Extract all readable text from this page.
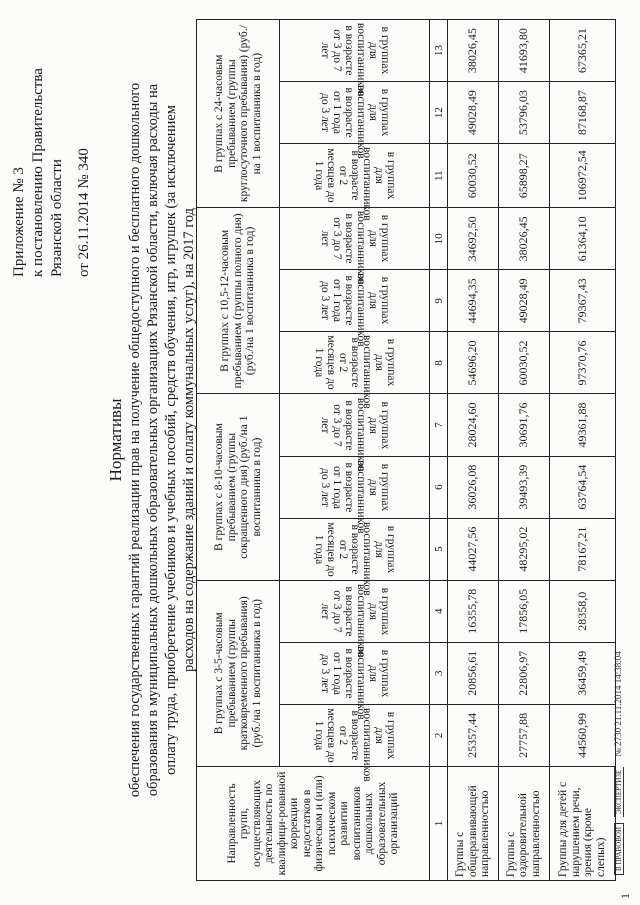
Приложение № 3 к постановлению Правительства Рязанской области от 26.11.2014 № 340
Нормативы обеспечения государственных гарантий реализации прав на получение общедоступного и бесплатного дошкольного образования в муниципальных дошкольных образовательных организациях Рязанской области, включая расходы на оплату труда, приобретение учебников и учебных пособий, средств обучения, игр, игрушек (за исключением расходов на содержание зданий и оплату коммунальных услуг), на 2017 год
Направленность групп, осуществляющих деятельность по квалифици-рованной коррекции недостатков в физическом и (или) психическом развитии воспитанников дошкольных образовательных организаций	В группах с 3-5-часовым пребыванием (группы кратковременного пребывания) (руб./на 1 воспитанника в год)			В группах с 8-10-часовым пребыванием (группы сокращенного дня) (руб./на 1 воспитанника в год)			В группах с 10,5-12-часовым пребыванием (группы полного дня) (руб./на 1 воспитанника в год)			В группах с 24-часовым пребыванием (группы круглосуточного пребывания) (руб./на 1 воспитанника в год)		

	в группах для воспитанников в возрасте от 2 месяцев до 1 года	в группах для воспитанников в возрасте от 1 года до 3 лет	в группах для воспитанников в возрасте от 3 до 7 лет	в группах для воспитанников в возрасте от 2 месяцев до 1 года	в группах для воспитанников в возрасте от 1 года до 3 лет	в группах для воспитанников в возрасте от 3 до 7 лет	в группах для воспитанников в возрасте от 2 месяцев до 1 года	в группах для воспитанников в возрасте от 1 года до 3 лет	в группах для воспитанников в возрасте от 3 до 7 лет	в группах для воспитанников в возрасте от 2 месяцев до 1 года	в группах для воспитанников в возрасте от 1 года до 3 лет	в группах для воспитанников в возрасте от 3 до 7 лет

1	2	3	4	5	6	7	8	9	10	11	12	13
Группы с общеразвивающей направленностью	25357,44	20856,61	16355,78	44027,56	36026,08	28024,60	54696,20	44694,35	34692,50	60030,52	49028,49	38026,45
Группы с оздоровительной направленностью	27757,88	22806,97	17856,05	48295,02	39493,39	30691,76	60030,52	49028,49	38026,45	65898,27	53796,03	41693,80
Группы для детей с нарушением речи, зрения (кроме слепых)	44560,99	36459,49	28358,0	78167,21	63764,54	49361,88	97370,76	79367,43	61364,10	106972,54	87168,87	67365,21
В ПРАВОВОЙЭКСПЕРТИЗЕ№ 2730 21.11.2014 14:38:04
1
